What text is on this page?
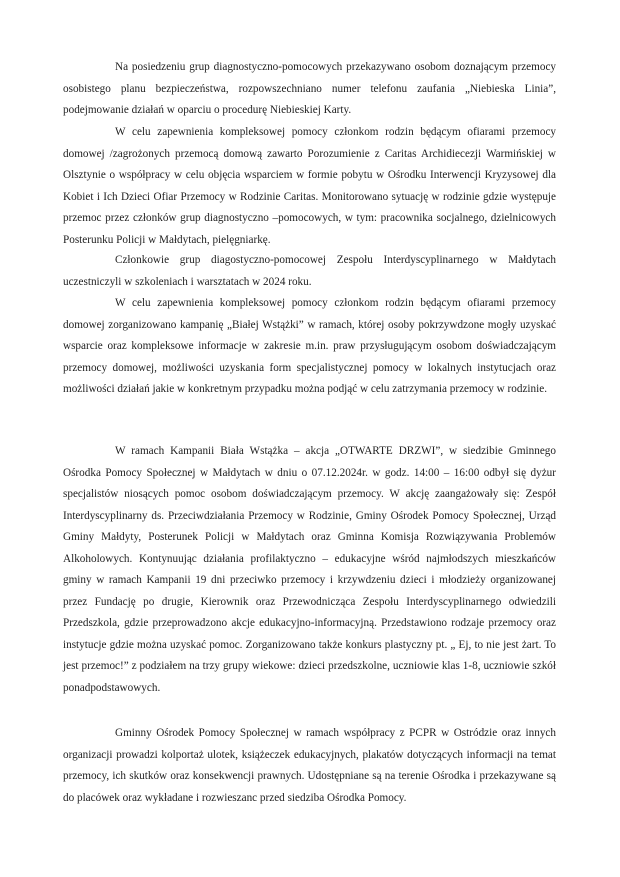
Na posiedzeniu grup diagnostyczno-pomocowych przekazywano osobom doznającym przemocy osobistego planu bezpieczeństwa, rozpowszechniano numer telefonu zaufania „Niebieska Linia”, podejmowanie działań w oparciu o procedurę Niebieskiej Karty.

W celu zapewnienia kompleksowej pomocy członkom rodzin będącym ofiarami przemocy domowej /zagrożonych przemocą domową zawarto Porozumienie z Caritas Archidiecezji Warmińskiej w Olsztynie o współpracy w celu objęcia wsparciem w formie pobytu w Ośrodku Interwencji Kryzysowej dla Kobiet i Ich Dzieci Ofiar Przemocy w Rodzinie Caritas. Monitorowano sytuację w rodzinie gdzie występuje przemoc przez członków grup diagnostyczno –pomocowych, w tym: pracownika socjalnego, dzielnicowych Posterunku Policji w Małdytach, pielęgniarkę.

Członkowie grup diagostyczno-pomocowej Zespołu Interdyscyplinarnego w Małdytach uczestniczyli w szkoleniach i warsztatach w 2024 roku.

W celu zapewnienia kompleksowej pomocy członkom rodzin będącym ofiarami przemocy domowej zorganizowano kampanię „Białej Wstążki” w ramach, której osoby pokrzywdzone mogły uzyskać wsparcie oraz kompleksowe informacje w zakresie m.in. praw przysługującym osobom doświadczającym przemocy domowej, możliwości uzyskania form specjalistycznej pomocy w lokalnych instytucjach oraz możliwości działań jakie w konkretnym przypadku można podjąć w celu zatrzymania przemocy w rodzinie.

W ramach Kampanii Biała Wstążka – akcja „OTWARTE DRZWI”, w siedzibie Gminnego Ośrodka Pomocy Społecznej w Małdytach w dniu o 07.12.2024r. w godz. 14:00 – 16:00 odbył się dyżur specjalistów niosących pomoc osobom doświadczającym przemocy. W akcję zaangażowały się: Zespół Interdyscyplinarny ds. Przeciwdziałania Przemocy w Rodzinie, Gminy Ośrodek Pomocy Społecznej, Urząd Gminy Małdyty, Posterunek Policji w Małdytach oraz Gminna Komisja Rozwiązywania Problemów Alkoholowych. Kontynuując działania profilaktyczno – edukacyjne wśród najmłodszych mieszkańców gminy w ramach Kampanii 19 dni przeciwko przemocy i krzywdzeniu dzieci i młodzieży organizowanej przez Fundację po drugie, Kierownik oraz Przewodnicząca Zespołu Interdyscyplinarnego odwiedzili Przedszkola, gdzie przeprowadzono akcje edukacyjno-informacyjną. Przedstawiono rodzaje przemocy oraz instytucje gdzie można uzyskać pomoc. Zorganizowano także konkurs plastyczny pt. „ Ej, to nie jest żart. To jest przemoc!” z podziałem na trzy grupy wiekowe: dzieci przedszkolne, uczniowie klas 1-8, uczniowie szkół ponadpodstawowych.

Gminny Ośrodek Pomocy Społecznej w ramach współpracy z PCPR w Ostródzie oraz innych organizacji prowadzi kolportaż ulotek, książeczek edukacyjnych, plakatów dotyczących informacji na temat przemocy, ich skutków oraz konsekwencji prawnych. Udostępniane są na terenie Ośrodka i przekazywane są do placówek oraz wykładane i rozwieszanc przed siedziba Ośrodka Pomocy.
